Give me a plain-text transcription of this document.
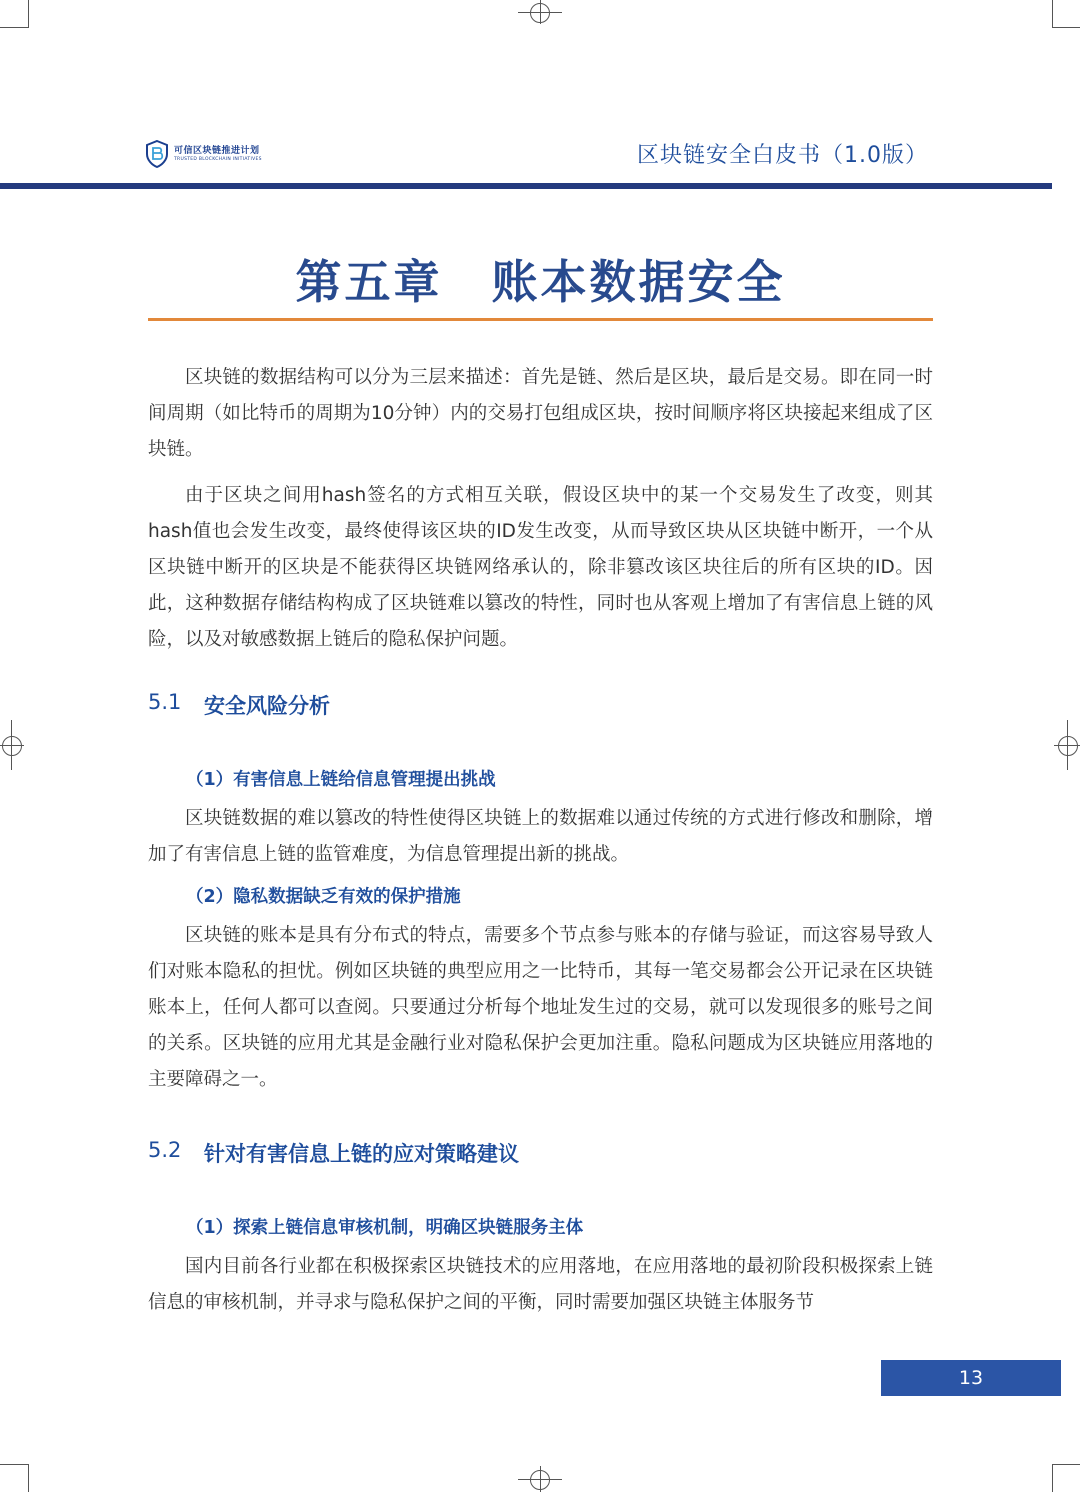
可信区块链推进计划
TRUSTED BLOCKCHAIN INITIATIVES	区块链安全白皮书（1.0版）
第五章　账本数据安全

区块链的数据结构可以分为三层来描述：首先是链、然后是区块，最后是交易。即在同一时间周期（如比特币的周期为10分钟）内的交易打包组成区块，按时间顺序将区块接起来组成了区块链。

由于区块之间用hash签名的方式相互关联，假设区块中的某一个交易发生了改变，则其hash值也会发生改变，最终使得该区块的ID发生改变，从而导致区块从区块链中断开，一个从区块链中断开的区块是不能获得区块链网络承认的，除非篡改该区块往后的所有区块的ID。因此，这种数据存储结构构成了区块链难以篡改的特性，同时也从客观上增加了有害信息上链的风险，以及对敏感数据上链后的隐私保护问题。

5.1	安全风险分析
（1）有害信息上链给信息管理提出挑战

区块链数据的难以篡改的特性使得区块链上的数据难以通过传统的方式进行修改和删除，增加了有害信息上链的监管难度，为信息管理提出新的挑战。

（2）隐私数据缺乏有效的保护措施

区块链的账本是具有分布式的特点，需要多个节点参与账本的存储与验证，而这容易导致人们对账本隐私的担忧。例如区块链的典型应用之一比特币，其每一笔交易都会公开记录在区块链账本上，任何人都可以查阅。只要通过分析每个地址发生过的交易，就可以发现很多的账号之间的关系。区块链的应用尤其是金融行业对隐私保护会更加注重。隐私问题成为区块链应用落地的主要障碍之一。

5.2	针对有害信息上链的应对策略建议
（1）探索上链信息审核机制，明确区块链服务主体

国内目前各行业都在积极探索区块链技术的应用落地，在应用落地的最初阶段积极探索上链信息的审核机制，并寻求与隐私保护之间的平衡，同时需要加强区块链主体服务节

13
